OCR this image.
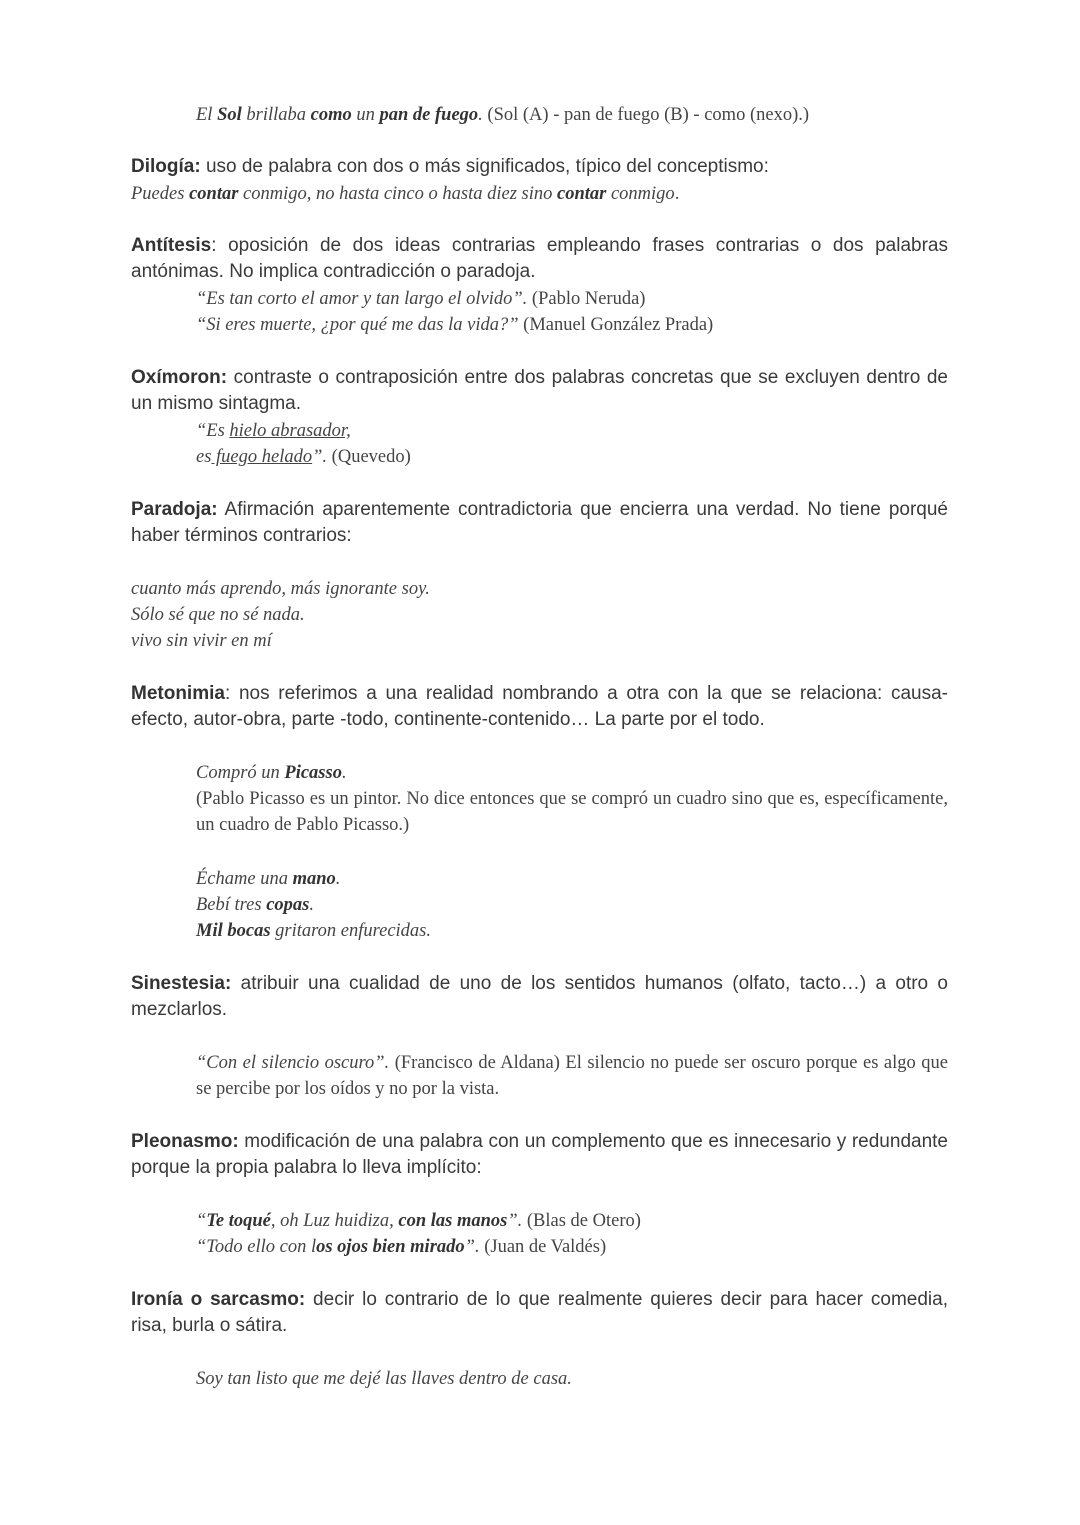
El Sol brillaba como un pan de fuego. (Sol (A) - pan de fuego (B) - como (nexo).)
Dilogía: uso de palabra con dos o más significados, típico del conceptismo:
Puedes contar conmigo, no hasta cinco o hasta diez sino contar conmigo.
Antítesis: oposición de dos ideas contrarias empleando frases contrarias o dos palabras antónimas. No implica contradicción o paradoja.
“Es tan corto el amor y tan largo el olvido”. (Pablo Neruda)
“Si eres muerte, ¿por qué me das la vida?” (Manuel González Prada)
Oxímoron: contraste o contraposición entre dos palabras concretas que se excluyen dentro de un mismo sintagma.
“Es hielo abrasador,
es fuego helado”. (Quevedo)
Paradoja: Afirmación aparentemente contradictoria que encierra una verdad. No tiene porqué haber términos contrarios:
cuanto más aprendo, más ignorante soy.
Sólo sé que no sé nada.
vivo sin vivir en mí
Metonimia: nos referimos a una realidad nombrando a otra con la que se relaciona: causa-efecto, autor-obra, parte -todo, continente-contenido… La parte por el todo.
Compró un Picasso.
(Pablo Picasso es un pintor. No dice entonces que se compró un cuadro sino que es, específicamente, un cuadro de Pablo Picasso.)
Échame una mano.
Bebí tres copas.
Mil bocas gritaron enfurecidas.
Sinestesia: atribuir una cualidad de uno de los sentidos humanos (olfato, tacto…) a otro o mezclarlos.
“Con el silencio oscuro”. (Francisco de Aldana) El silencio no puede ser oscuro porque es algo que se percibe por los oídos y no por la vista.
Pleonasmo: modificación de una palabra con un complemento que es innecesario y redundante porque la propia palabra lo lleva implícito:
“Te toqué, oh Luz huidiza, con las manos”. (Blas de Otero)
“Todo ello con los ojos bien mirado”. (Juan de Valdés)
Ironía o sarcasmo: decir lo contrario de lo que realmente quieres decir para hacer comedia, risa, burla o sátira.
Soy tan listo que me dejé las llaves dentro de casa.
